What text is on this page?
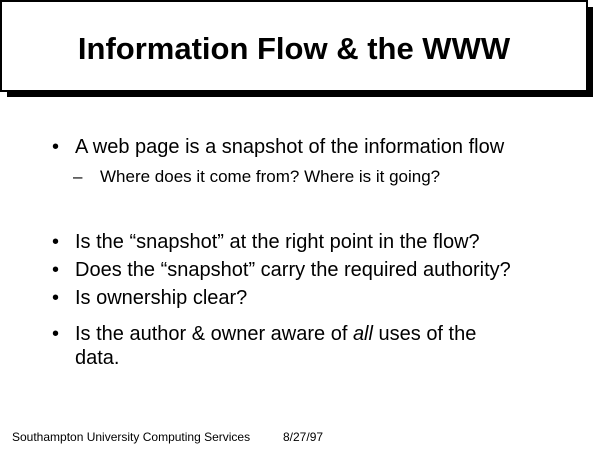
Information Flow & the WWW
• A web page is a snapshot of the information flow
– Where does it come from? Where is it going?
• Is the “snapshot” at the right point in the flow?
• Does the “snapshot” carry the required authority?
• Is ownership clear?
• Is the author & owner aware of all uses of the data.
Southampton University Computing Services	8/27/97
